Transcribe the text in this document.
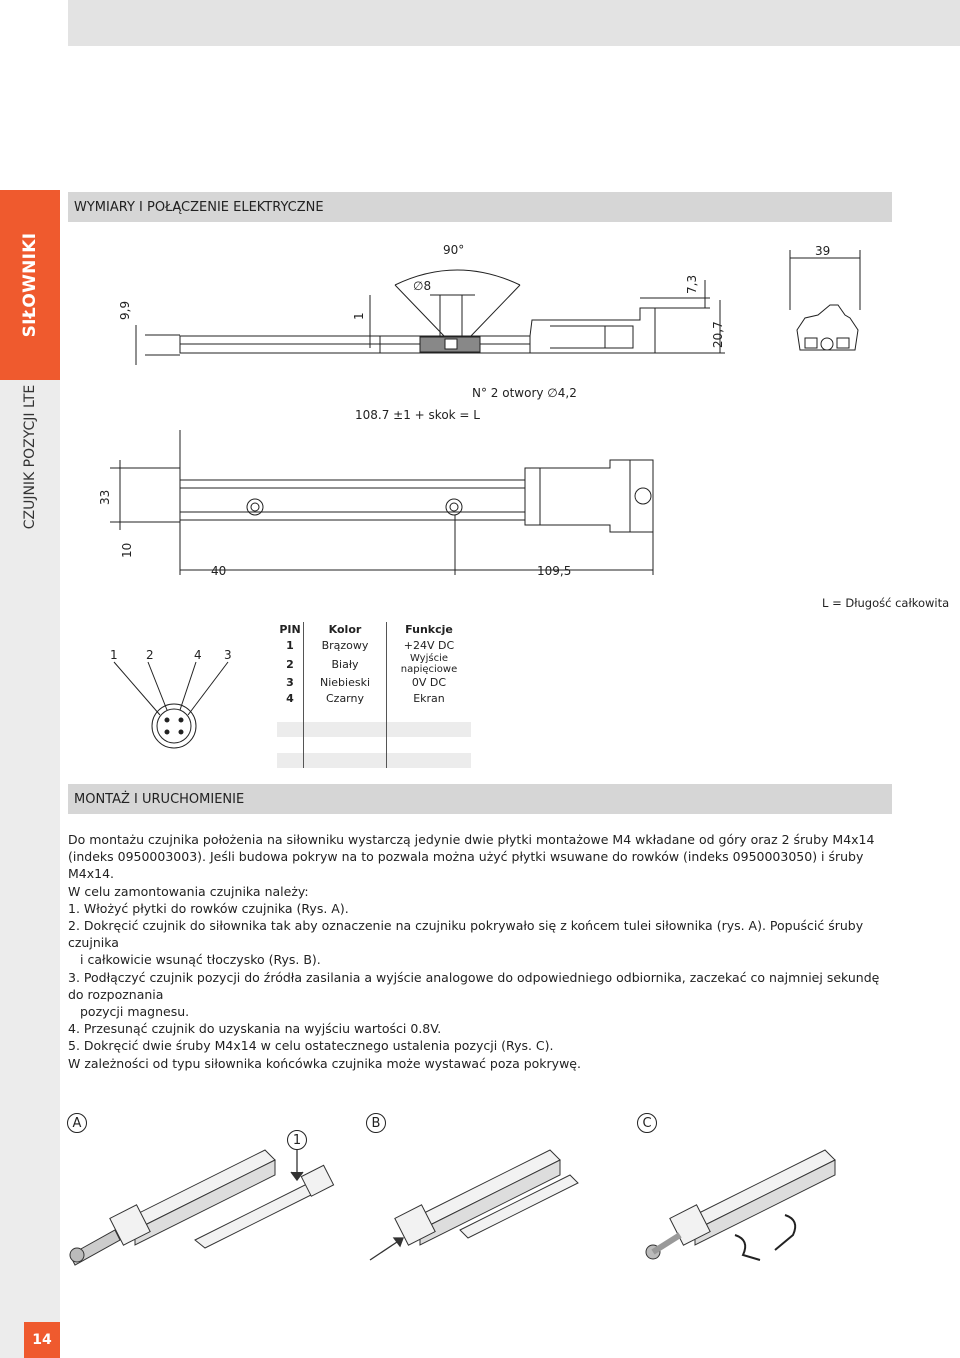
SIŁOWNIKI
CZUJNIK POZYCJI LTE
14
WYMIARY I POŁĄCZENIE ELEKTRYCZNE
9,9	1
90°
∅8	7,3
20,7
39
N° 2 otwory ∅4,2
108.7 ±1 + skok = L
33
10
40	109,5
L = Długość całkowita
1 2	4 3
PIN	Kolor	Funkcje
1	Brązowy	+24V DC
2	Biały	Wyjście napięciowe
3	Niebieski	0V DC
4	Czarny	Ekran

MONTAŻ I URUCHOMIENIE

Do montażu czujnika położenia na siłowniku wystarczą jedynie dwie płytki montażowe M4 wkładane od góry oraz 2 śruby M4x14

(indeks 0950003003). Jeśli budowa pokryw na to pozwala można użyć płytki wsuwane do rowków (indeks 0950003050) i śruby M4x14.

W celu zamontowania czujnika należy:

1. Włożyć płytki do rowków czujnika (Rys. A).

2. Dokręcić czujnik do siłownika tak aby oznaczenie na czujniku pokrywało się z końcem tulei siłownika (rys. A). Popuścić śruby czujnika

i całkowicie wsunąć tłoczysko (Rys. B).

3. Podłączyć czujnik pozycji do źródła zasilania a wyjście analogowe do odpowiedniego odbiornika, zaczekać co najmniej sekundę do rozpoznania

pozycji magnesu.

4. Przesunąć czujnik do uzyskania na wyjściu wartości 0.8V.

5. Dokręcić dwie śruby M4x14 w celu ostatecznego ustalenia pozycji (Rys. C).

W zależności od typu siłownika końcówka czujnika może wystawać poza pokrywę.

A	B	C
1
